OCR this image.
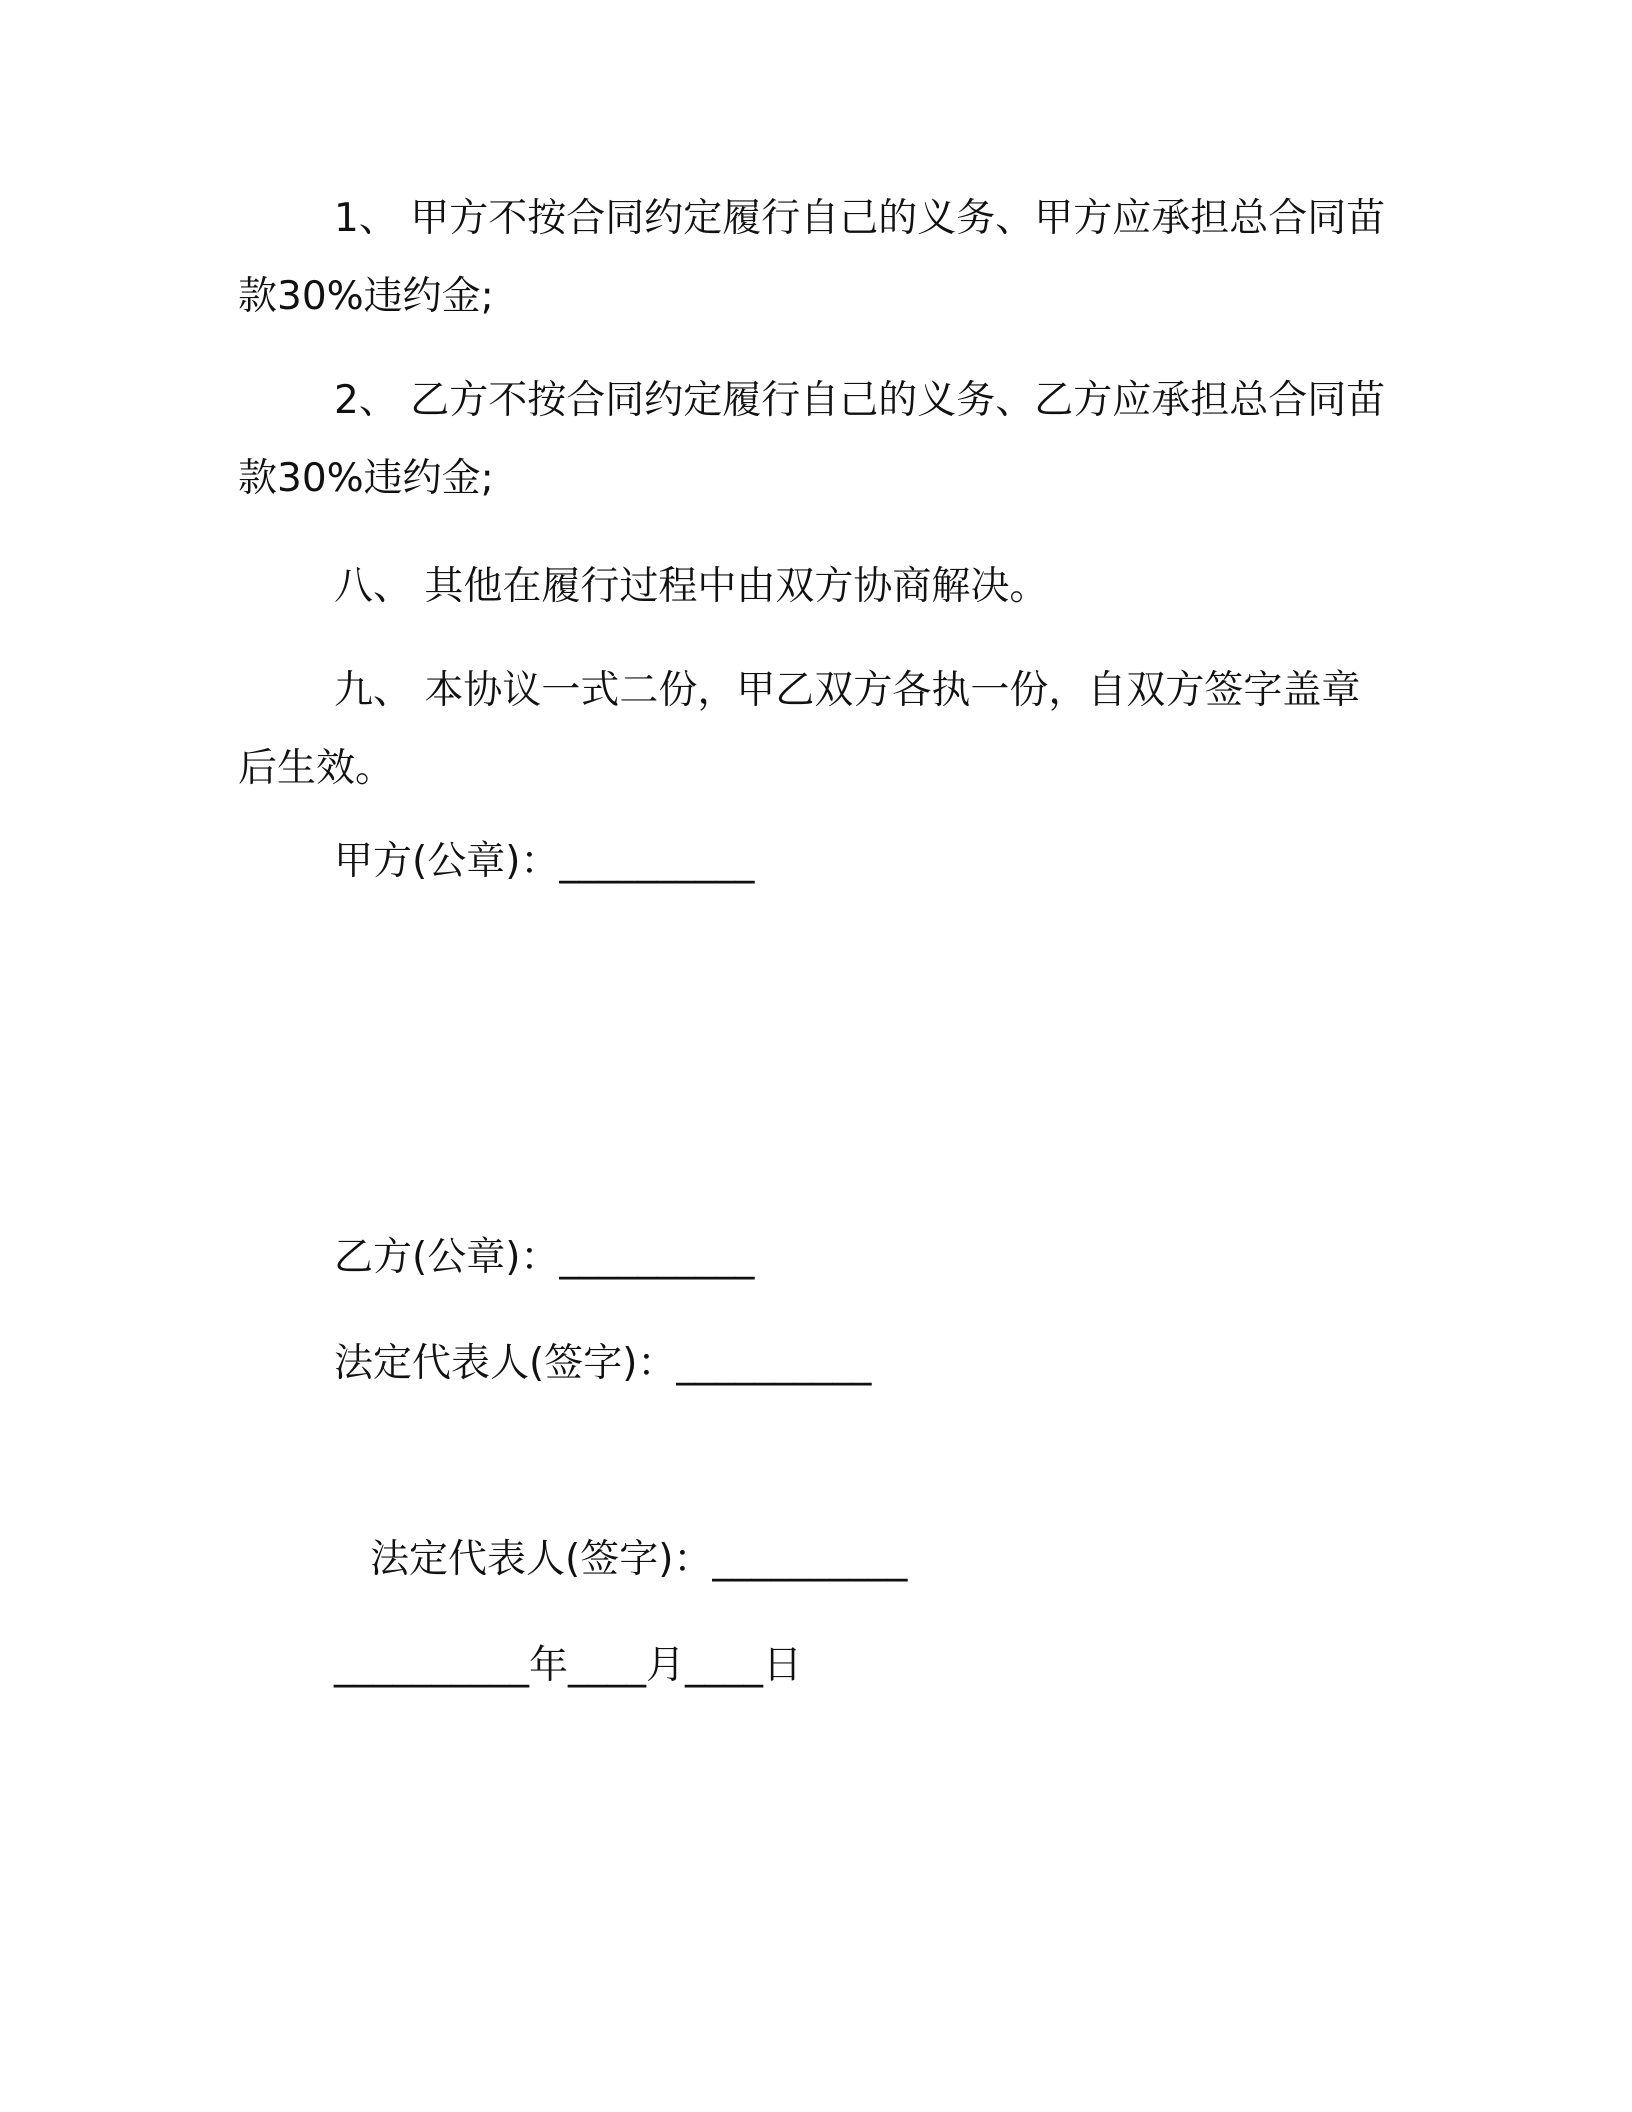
1、 甲方不按合同约定履行自己的义务、甲方应承担总合同苗款30%违约金;
2、 乙方不按合同约定履行自己的义务、乙方应承担总合同苗款30%违约金;
八、 其他在履行过程中由双方协商解决。
九、 本协议一式二份，甲乙双方各执一份，自双方签字盖章后生效。
甲方(公章)：__________
乙方(公章)：__________
法定代表人(签字)：__________
法定代表人(签字)：__________
__________年____月____日
